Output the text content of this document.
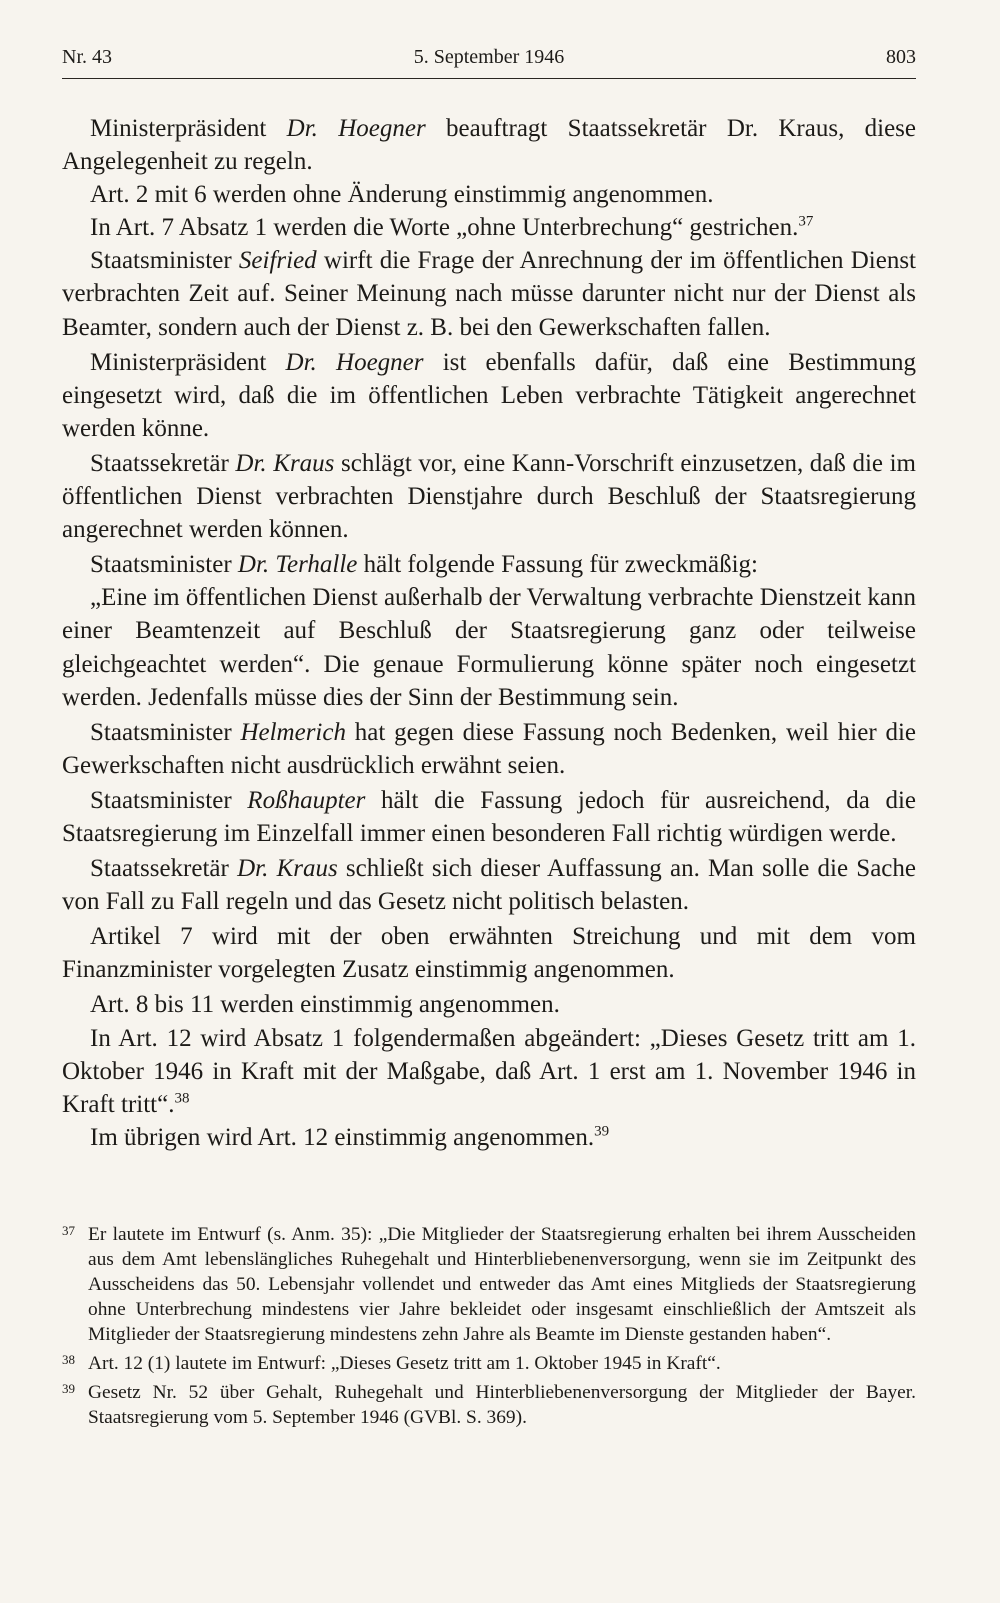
5. September 1946
Nr. 43	803

Ministerpräsident Dr. Hoegner beauftragt Staatssekretär Dr. Kraus, diese Angelegenheit zu regeln.

Art. 2 mit 6 werden ohne Änderung einstimmig angenommen.

In Art. 7 Absatz 1 werden die Worte „ohne Unterbrechung“ gestrichen.$^{37}$

Staatsminister Seifried wirft die Frage der Anrechnung der im öffentlichen Dienst verbrachten Zeit auf. Seiner Meinung nach müsse darunter nicht nur der Dienst als Beamter, sondern auch der Dienst z. B. bei den Gewerkschaften fallen.

Ministerpräsident Dr. Hoegner ist ebenfalls dafür, daß eine Bestimmung eingesetzt wird, daß die im öffentlichen Leben verbrachte Tätigkeit angerechnet werden könne.

Staatssekretär Dr. Kraus schlägt vor, eine Kann-Vorschrift einzusetzen, daß die im öffentlichen Dienst verbrachten Dienstjahre durch Beschluß der Staatsregierung angerechnet werden können.

Staatsminister Dr. Terhalle hält folgende Fassung für zweckmäßig:

„Eine im öffentlichen Dienst außerhalb der Verwaltung verbrachte Dienstzeit kann einer Beamtenzeit auf Beschluß der Staatsregierung ganz oder teilweise gleichgeachtet werden“. Die genaue Formulierung könne später noch eingesetzt werden. Jedenfalls müsse dies der Sinn der Bestimmung sein.

Staatsminister Helmerich hat gegen diese Fassung noch Bedenken, weil hier die Gewerkschaften nicht ausdrücklich erwähnt seien.

Staatsminister Roßhaupter hält die Fassung jedoch für ausreichend, da die Staatsregierung im Einzelfall immer einen besonderen Fall richtig würdigen werde.

Staatssekretär Dr. Kraus schließt sich dieser Auffassung an. Man solle die Sache von Fall zu Fall regeln und das Gesetz nicht politisch belasten.

Artikel 7 wird mit der oben erwähnten Streichung und mit dem vom Finanzminister vorgelegten Zusatz einstimmig angenommen.

Art. 8 bis 11 werden einstimmig angenommen.

In Art. 12 wird Absatz 1 folgendermaßen abgeändert: „Dieses Gesetz tritt am 1. Oktober 1946 in Kraft mit der Maßgabe, daß Art. 1 erst am 1. November 1946 in Kraft tritt“.$^{38}$

Im übrigen wird Art. 12 einstimmig angenommen.$^{39}$

37 Er lautete im Entwurf (s. Anm. 35): „Die Mitglieder der Staatsregierung erhalten bei ihrem Ausscheiden aus dem Amt lebenslängliches Ruhegehalt und Hinterbliebenenversorgung, wenn sie im Zeitpunkt des Ausscheidens das 50. Lebensjahr vollendet und entweder das Amt eines Mitglieds der Staatsregierung ohne Unterbrechung mindestens vier Jahre bekleidet oder insgesamt einschließlich der Amtszeit als Mitglieder der Staatsregierung mindestens zehn Jahre als Beamte im Dienste gestanden haben“.
38 Art. 12 (1) lautete im Entwurf: „Dieses Gesetz tritt am 1. Oktober 1945 in Kraft“.
39 Gesetz Nr. 52 über Gehalt, Ruhegehalt und Hinterbliebenenversorgung der Mitglieder der Bayer. Staatsregierung vom 5. September 1946 (GVBl. S. 369).
